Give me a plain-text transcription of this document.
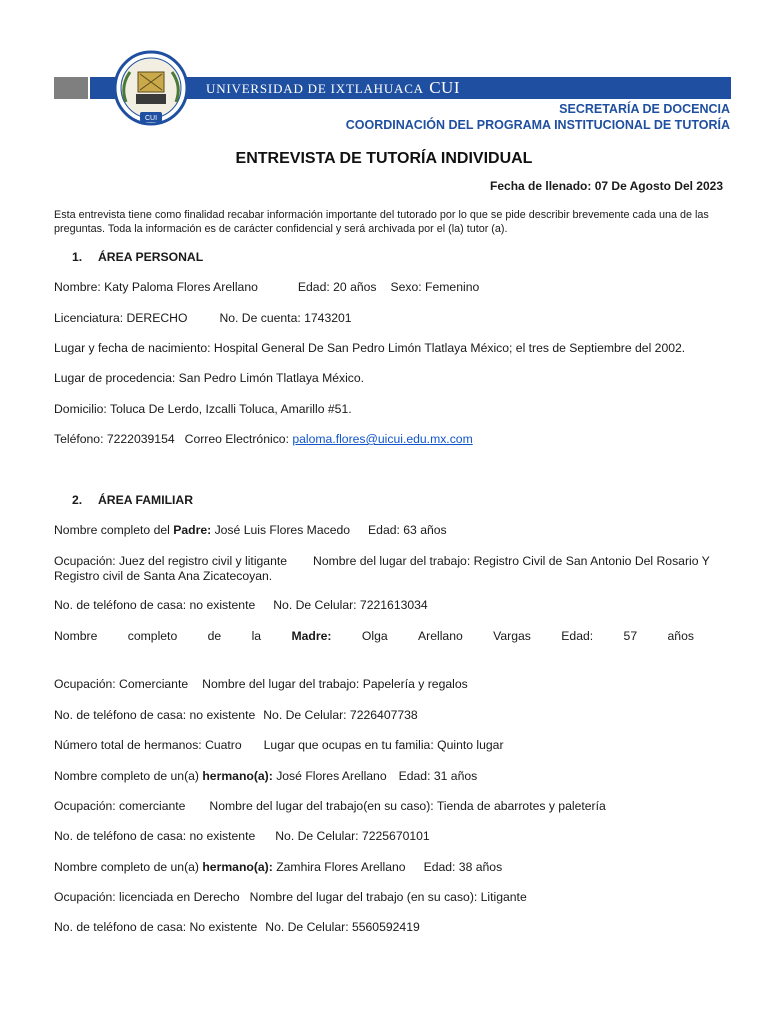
UNIVERSIDAD DE IXTLAHUACA CUI
CUI
SECRETARÍA DE DOCENCIA
COORDINACIÓN DEL PROGRAMA INSTITUCIONAL DE TUTORÍA
ENTREVISTA DE TUTORÍA INDIVIDUAL
Fecha de llenado: 07 De Agosto Del 2023
Esta entrevista tiene como finalidad recabar información importante del tutorado por lo que se pide describir brevemente cada una de las preguntas. Toda la información es de carácter confidencial y será archivada por el (la) tutor (a).
1. ÁREA PERSONAL
Nombre: Katy Paloma Flores Arellano	Edad: 20 años Sexo: Femenino
Licenciatura: DERECHO	No. De cuenta: 1743201
Lugar y fecha de nacimiento: Hospital General De San Pedro Limón Tlatlaya México; el tres de Septiembre del 2002.
Lugar de procedencia: San Pedro Limón Tlatlaya México.
Domicilio: Toluca De Lerdo, Izcalli Toluca, Amarillo #51.
Teléfono: 7222039154 Correo Electrónico: paloma.flores@uicui.edu.mx.com
2. ÁREA FAMILIAR
Nombre completo del Padre: José Luis Flores Macedo Edad: 63 años
Ocupación: Juez del registro civil y litigante Nombre del lugar del trabajo: Registro Civil de San Antonio Del Rosario Y Registro civil de Santa Ana Zicatecoyan.
No. de teléfono de casa: no existente No. De Celular: 7221613034
Nombre completo de la Madre: Olga Arellano Vargas Edad: 57 años
Ocupación: Comerciante Nombre del lugar del trabajo: Papelería y regalos
No. de teléfono de casa: no existente No. De Celular: 7226407738
Número total de hermanos: Cuatro Lugar que ocupas en tu familia: Quinto lugar
Nombre completo de un(a) hermano(a): José Flores Arellano Edad: 31 años
Ocupación: comerciante Nombre del lugar del trabajo(en su caso): Tienda de abarrotes y paletería
No. de teléfono de casa: no existente No. De Celular: 7225670101
Nombre completo de un(a) hermano(a): Zamhira Flores Arellano Edad: 38 años
Ocupación: licenciada en Derecho Nombre del lugar del trabajo (en su caso): Litigante
No. de teléfono de casa: No existente No. De Celular: 5560592419
